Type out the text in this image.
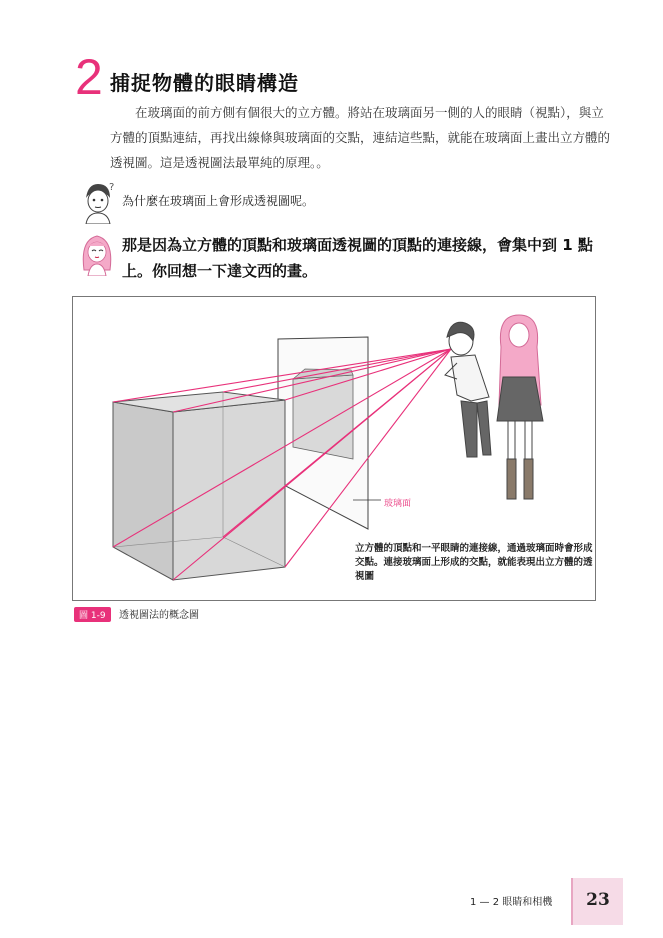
2 捕捉物體的眼睛構造
在玻璃面的前方側有個很大的立方體。將站在玻璃面另一側的人的眼睛（視點），與立方體的頂點連結，再找出線條與玻璃面的交點，連結這些點，就能在玻璃面上畫出立方體的透視圖。這是透視圖法最單純的原理。。
?
為什麼在玻璃面上會形成透視圖呢。
那是因為立方體的頂點和玻璃面透視圖的頂點的連接線，會集中到 1 點上。你回想一下達文西的畫。
玻璃面
立方體的頂點和一平眼睛的連接線，通過玻璃面時會形成交點。連接玻璃面上形成的交點，就能表現出立方體的透視圖
圖 1-9	透視圖法的概念圖
1 — 2 眼睛和相機	23
